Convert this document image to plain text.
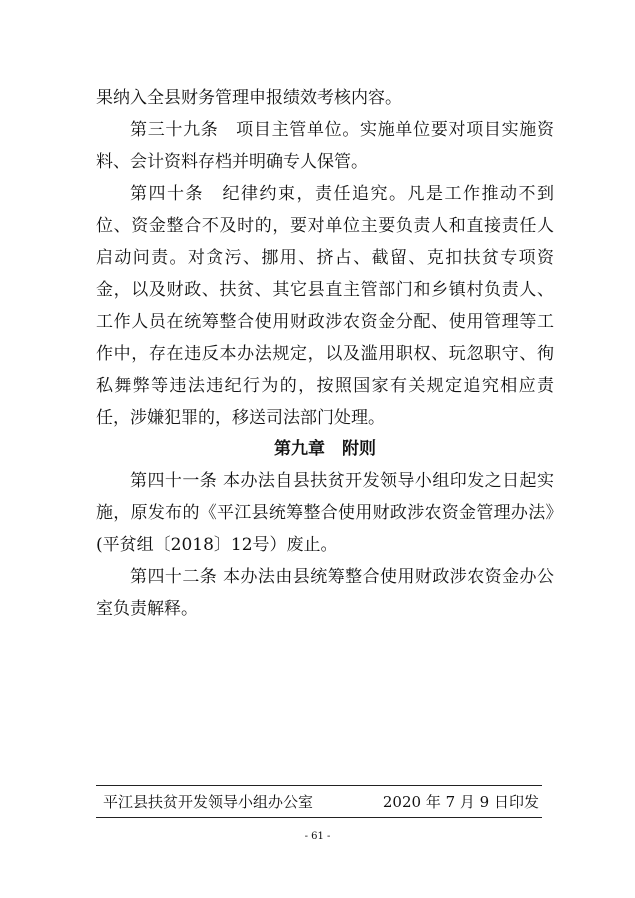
果纳入全县财务管理申报绩效考核内容。

第三十九条　项目主管单位。实施单位要对项目实施资料、会计资料存档并明确专人保管。

第四十条　纪律约束，责任追究。凡是工作推动不到位、资金整合不及时的，要对单位主要负责人和直接责任人启动问责。对贪污、挪用、挤占、截留、克扣扶贫专项资金，以及财政、扶贫、其它县直主管部门和乡镇村负责人、工作人员在统筹整合使用财政涉农资金分配、使用管理等工作中，存在违反本办法规定，以及滥用职权、玩忽职守、徇私舞弊等违法违纪行为的，按照国家有关规定追究相应责任，涉嫌犯罪的，移送司法部门处理。

第九章　附则

第四十一条 本办法自县扶贫开发领导小组印发之日起实施，原发布的《平江县统筹整合使用财政涉农资金管理办法》(平贫组〔2018〕12号）废止。

第四十二条 本办法由县统筹整合使用财政涉农资金办公室负责解释。

平江县扶贫开发领导小组办公室	2020 年 7 月 9 日印发
- 61 -
